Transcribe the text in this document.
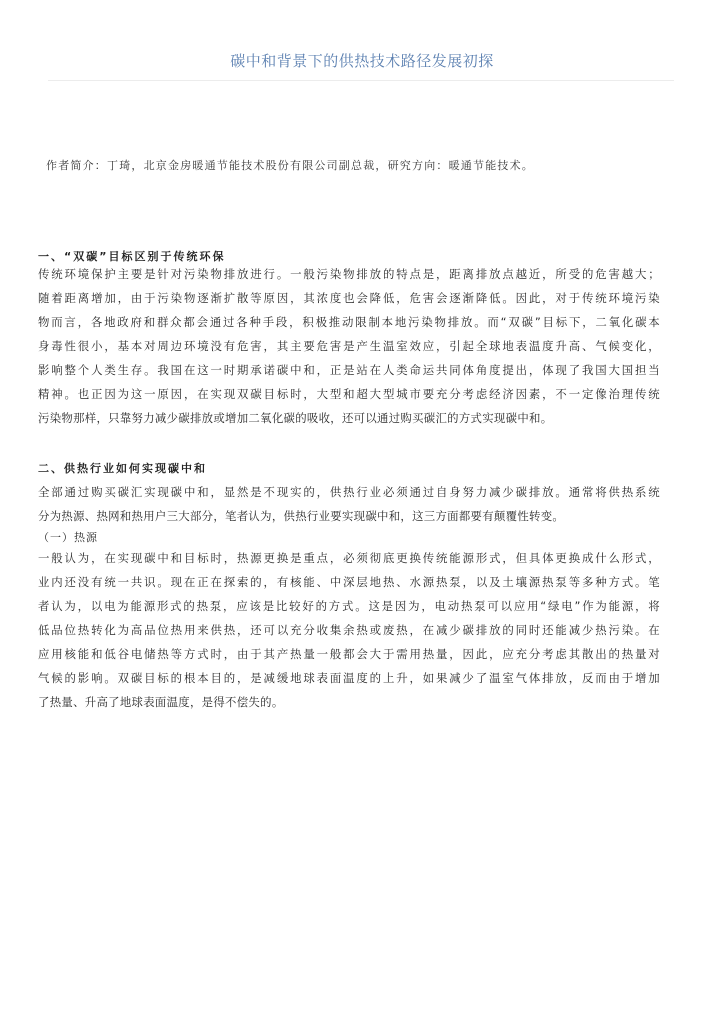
碳中和背景下的供热技术路径发展初探
作者简介：丁琦，北京金房暖通节能技术股份有限公司副总裁，研究方向：暖通节能技术。
一、“双碳”目标区别于传统环保
传统环境保护主要是针对污染物排放进行。一般污染物排放的特点是，距离排放点越近，所受的危害越大；
随着距离增加，由于污染物逐渐扩散等原因，其浓度也会降低，危害会逐渐降低。因此，对于传统环境污染
物而言，各地政府和群众都会通过各种手段，积极推动限制本地污染物排放。而“双碳”目标下，二氧化碳本
身毒性很小，基本对周边环境没有危害，其主要危害是产生温室效应，引起全球地表温度升高、气候变化，
影响整个人类生存。我国在这一时期承诺碳中和，正是站在人类命运共同体角度提出，体现了我国大国担当
精神。也正因为这一原因，在实现双碳目标时，大型和超大型城市要充分考虑经济因素，不一定像治理传统
污染物那样，只靠努力减少碳排放或增加二氧化碳的吸收，还可以通过购买碳汇的方式实现碳中和。
二、供热行业如何实现碳中和
全部通过购买碳汇实现碳中和，显然是不现实的，供热行业必须通过自身努力减少碳排放。通常将供热系统
分为热源、热网和热用户三大部分，笔者认为，供热行业要实现碳中和，这三方面都要有颠覆性转变。
（一）热源
一般认为，在实现碳中和目标时，热源更换是重点，必须彻底更换传统能源形式，但具体更换成什么形式，
业内还没有统一共识。现在正在探索的，有核能、中深层地热、水源热泵，以及土壤源热泵等多种方式。笔
者认为，以电为能源形式的热泵，应该是比较好的方式。这是因为，电动热泵可以应用“绿电”作为能源，将
低品位热转化为高品位热用来供热，还可以充分收集余热或废热，在减少碳排放的同时还能减少热污染。在
应用核能和低谷电储热等方式时，由于其产热量一般都会大于需用热量，因此，应充分考虑其散出的热量对
气候的影响。双碳目标的根本目的，是减缓地球表面温度的上升，如果减少了温室气体排放，反而由于增加
了热量、升高了地球表面温度，是得不偿失的。
